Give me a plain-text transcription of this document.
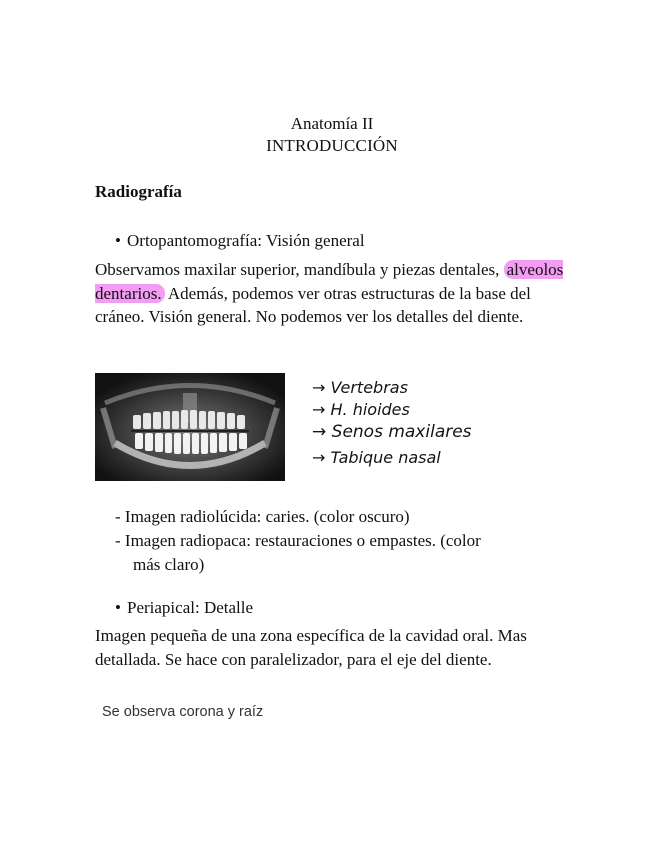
Anatomía II
INTRODUCCIÓN
Radiografía
• Ortopantomografía: Visión general
Observamos maxilar superior, mandíbula y piezas dentales, alveolos dentarios. Además, podemos ver otras estructuras de la base del cráneo. Visión general. No podemos ver los detalles del diente.
→ Vertebras
→ H. hioides
→ Senos maxilares
→ Tabique nasal
- Imagen radiolúcida: caries. (color oscuro)
- Imagen radiopaca: restauraciones o empastes. (color
más claro)
• Periapical: Detalle
Imagen pequeña de una zona específica de la cavidad oral. Mas detallada. Se hace con paralelizador, para el eje del diente.
Se observa corona y raíz
